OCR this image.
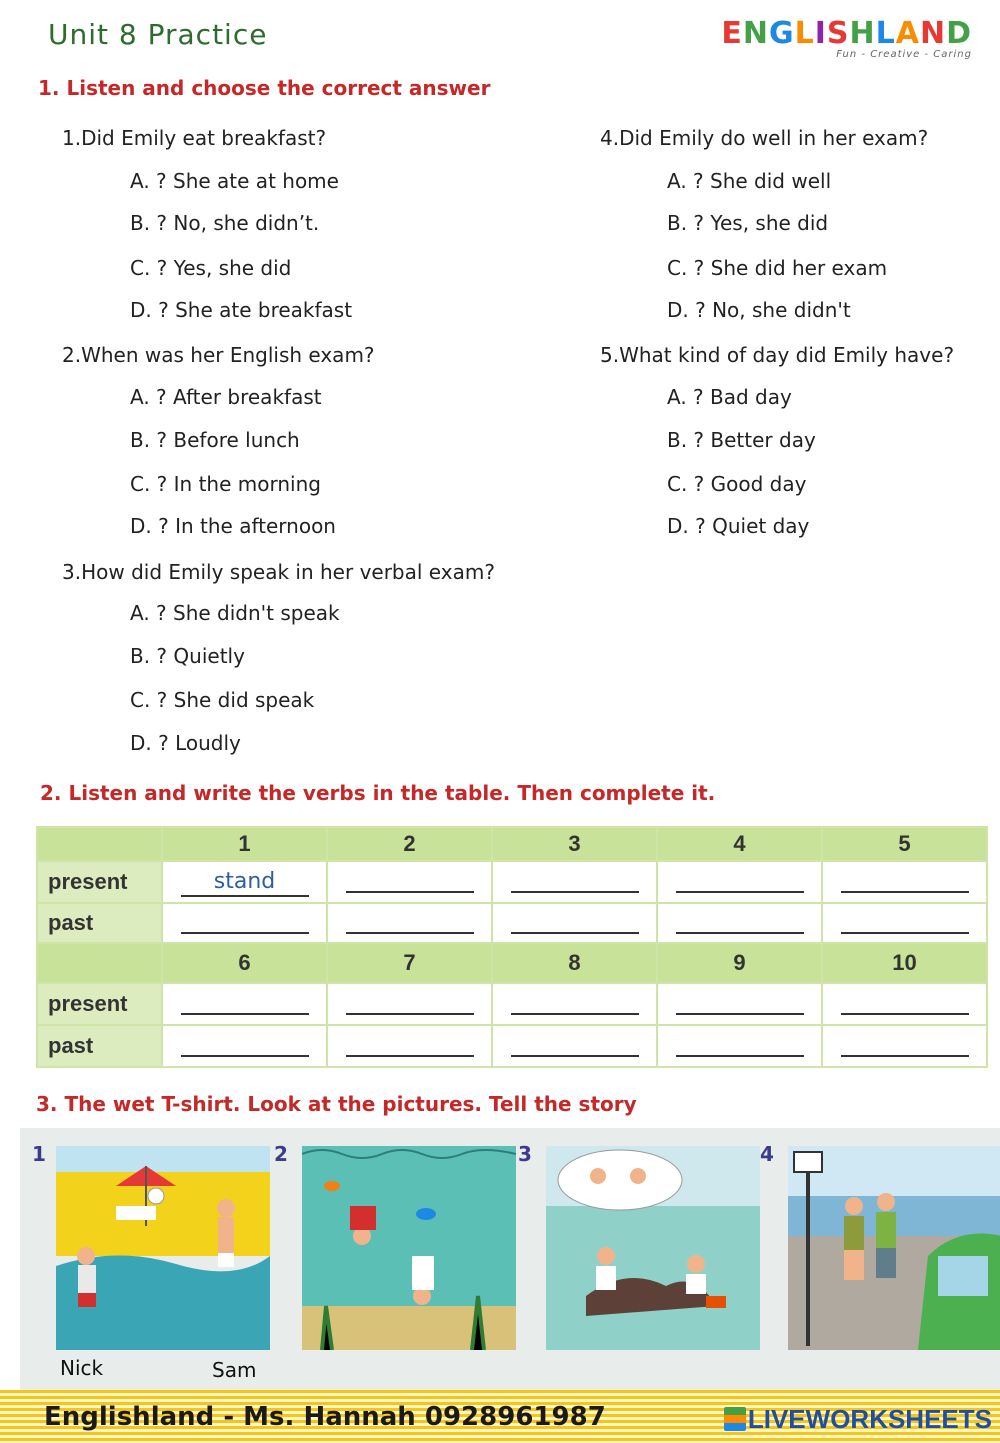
Unit 8 Practice	ENGLISHLAND
Fun - Creative - Caring
1. Listen and choose the correct answer
1.Did Emily eat breakfast?
A. ? She ate at home
B. ? No, she didn’t.
C. ? Yes, she did
D. ? She ate breakfast
2.When was her English exam?
A. ? After breakfast
B. ? Before lunch
C. ? In the morning
D. ? In the afternoon
3.How did Emily speak in her verbal exam?
A. ? She didn't speak
B. ? Quietly
C. ? She did speak
D. ? Loudly
4.Did Emily do well in her exam?
A. ? She did well
B. ? Yes, she did
C. ? She did her exam
D. ? No, she didn't
5.What kind of day did Emily have?
A. ? Bad day
B. ? Better day
C. ? Good day
D. ? Quiet day
2. Listen and write the verbs in the table. Then complete it.
	1	2	3	4	5
present	stand				
past					
	6	7	8	9	10
present					
past					
3. The wet T-shirt. Look at the pictures. Tell the story
1	2	3	4
Nick	Sam
Englishland - Ms. Hannah 0928961987	LIVEWORKSHEETS
